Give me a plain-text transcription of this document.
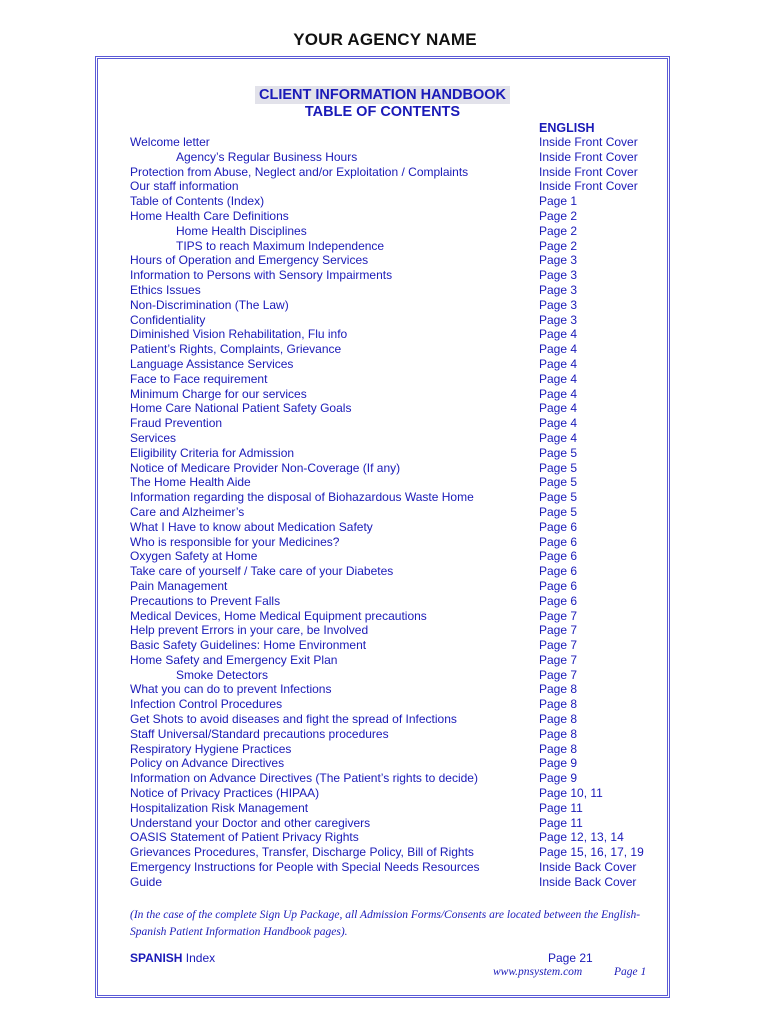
YOUR AGENCY NAME
CLIENT INFORMATION HANDBOOK
TABLE OF CONTENTS
ENGLISH
Welcome letter	Inside Front Cover
Agency’s Regular Business Hours	Inside Front Cover
Protection from Abuse, Neglect and/or Exploitation / Complaints	Inside Front Cover
Our staff information	Inside Front Cover
Table of Contents (Index)	Page 1
Home Health Care Definitions	Page 2
Home Health Disciplines	Page 2
TIPS to reach Maximum Independence	Page 2
Hours of Operation and Emergency Services	Page 3
Information to Persons with Sensory Impairments	Page 3
Ethics Issues	Page 3
Non-Discrimination (The Law)	Page 3
Confidentiality	Page 3
Diminished Vision Rehabilitation, Flu info	Page 4
Patient’s Rights, Complaints, Grievance	Page 4
Language Assistance Services	Page 4
Face to Face requirement	Page 4
Minimum Charge for our services	Page 4
Home Care National Patient Safety Goals	Page 4
Fraud Prevention	Page 4
Services	Page 4
Eligibility Criteria for Admission	Page 5
Notice of Medicare Provider Non-Coverage (If any)	Page 5
The Home Health Aide	Page 5
Information regarding the disposal of Biohazardous Waste Home	Page 5
Care and Alzheimer’s	Page 5
What I Have to know about Medication Safety	Page 6
Who is responsible for your Medicines?	Page 6
Oxygen Safety at Home	Page 6
Take care of yourself / Take care of your Diabetes	Page 6
Pain Management	Page 6
Precautions to Prevent Falls	Page 6
Medical Devices, Home Medical Equipment precautions	Page 7
Help prevent Errors in your care, be Involved	Page 7
Basic Safety Guidelines: Home Environment	Page 7
Home Safety and Emergency Exit Plan	Page 7
Smoke Detectors	Page 7
What you can do to prevent Infections	Page 8
Infection Control Procedures	Page 8
Get Shots to avoid diseases and fight the spread of Infections	Page 8
Staff Universal/Standard precautions procedures	Page 8
Respiratory Hygiene Practices	Page 8
Policy on Advance Directives	Page 9
Information on Advance Directives (The Patient’s rights to decide)	Page 9
Notice of Privacy Practices (HIPAA)	Page 10, 11
Hospitalization Risk Management	Page 11
Understand your Doctor and other caregivers	Page 11
OASIS Statement of Patient Privacy Rights	Page 12, 13, 14
Grievances Procedures, Transfer, Discharge Policy, Bill of Rights	Page 15, 16, 17, 19
Emergency Instructions for People with Special Needs Resources	Inside Back Cover
Guide	Inside Back Cover
(In the case of the complete Sign Up Package, all Admission Forms/Consents are located between the English-Spanish Patient Information Handbook pages).
SPANISH Index	Page 21
www.pnsystem.com	Page 1
